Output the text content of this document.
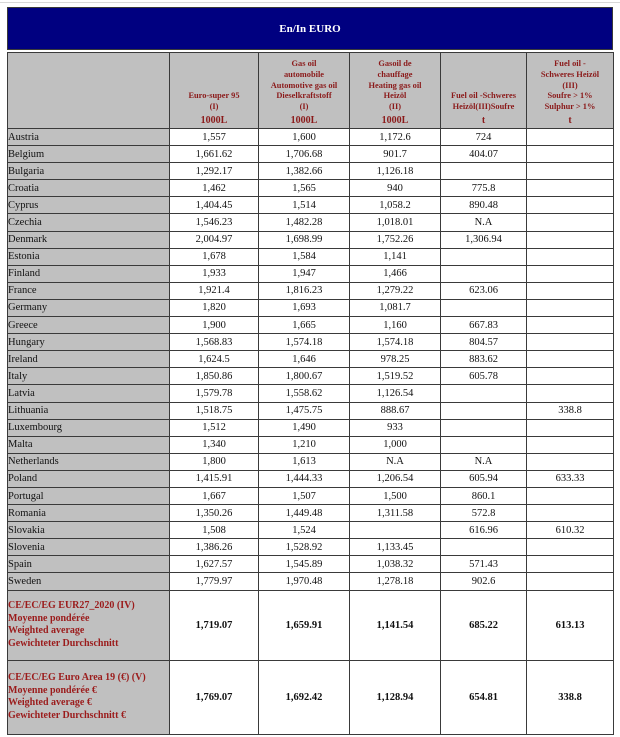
En/In EURO

Euro-super 95
(I)
1000L

Gas oil
automobile
Automotive gas oil
Dieselkraftstoff
(I)
1000L

Gasoil de
chauffage
Heating gas oil
Heizöl
(II)
1000L

Fuel oil -Schweres
Heizöl(III)Soufre
t

Fuel oil -
Schweres Heizöl
(III)
Soufre > 1%
Sulphur > 1%
t

Austria	1,557	1,600	1,172.6	724	
Belgium	1,661.62	1,706.68	901.7	404.07	
Bulgaria	1,292.17	1,382.66	1,126.18		
Croatia	1,462	1,565	940	775.8	
Cyprus	1,404.45	1,514	1,058.2	890.48	
Czechia	1,546.23	1,482.28	1,018.01	N.A	
Denmark	2,004.97	1,698.99	1,752.26	1,306.94	
Estonia	1,678	1,584	1,141		
Finland	1,933	1,947	1,466		
France	1,921.4	1,816.23	1,279.22	623.06	
Germany	1,820	1,693	1,081.7		
Greece	1,900	1,665	1,160	667.83	
Hungary	1,568.83	1,574.18	1,574.18	804.57	
Ireland	1,624.5	1,646	978.25	883.62	
Italy	1,850.86	1,800.67	1,519.52	605.78	
Latvia	1,579.78	1,558.62	1,126.54		
Lithuania	1,518.75	1,475.75	888.67		338.8
Luxembourg	1,512	1,490	933		
Malta	1,340	1,210	1,000		
Netherlands	1,800	1,613	N.A	N.A	
Poland	1,415.91	1,444.33	1,206.54	605.94	633.33
Portugal	1,667	1,507	1,500	860.1	
Romania	1,350.26	1,449.48	1,311.58	572.8	
Slovakia	1,508	1,524		616.96	610.32
Slovenia	1,386.26	1,528.92	1,133.45		
Spain	1,627.57	1,545.89	1,038.32	571.43	
Sweden	1,779.97	1,970.48	1,278.18	902.6	

CE/EC/EG EUR27_2020 (IV)
Moyenne pondérée
Weighted average
Gewichteter Durchschnitt	1,719.07	1,659.91	1,141.54	685.22	613.13

CE/EC/EG Euro Area 19 (€) (V)
Moyenne pondérée €
Weighted average €
Gewichteter Durchschnitt €	1,769.07	1,692.42	1,128.94	654.81	338.8
